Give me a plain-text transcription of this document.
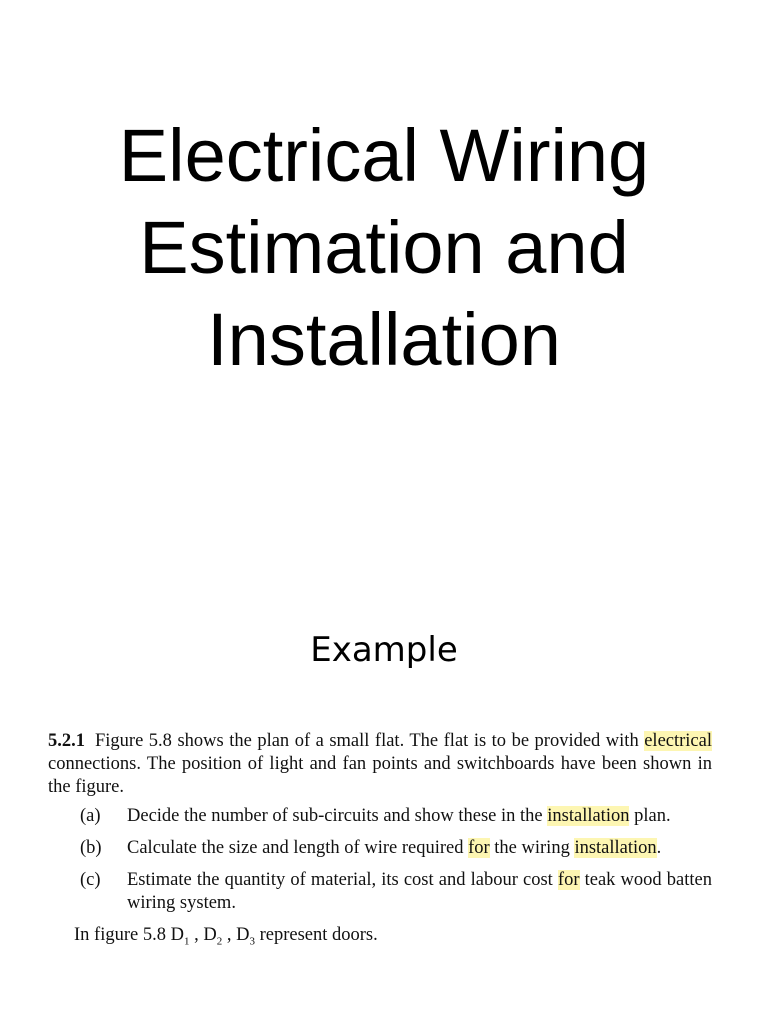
Electrical Wiring
Estimation and
Installation
Example

5.2.1 Figure 5.8 shows the plan of a small flat. The flat is to be provided with electrical connections. The position of light and fan points and switchboards have been shown in the figure.

(a)	Decide the number of sub-circuits and show these in the installation plan.
(b)	Calculate the size and length of wire required for the wiring installation.
(c)	Estimate the quantity of material, its cost and labour cost for teak wood batten wiring system.

In figure 5.8 $D_1$ , $D_2$ , $D_3$ represent doors.
